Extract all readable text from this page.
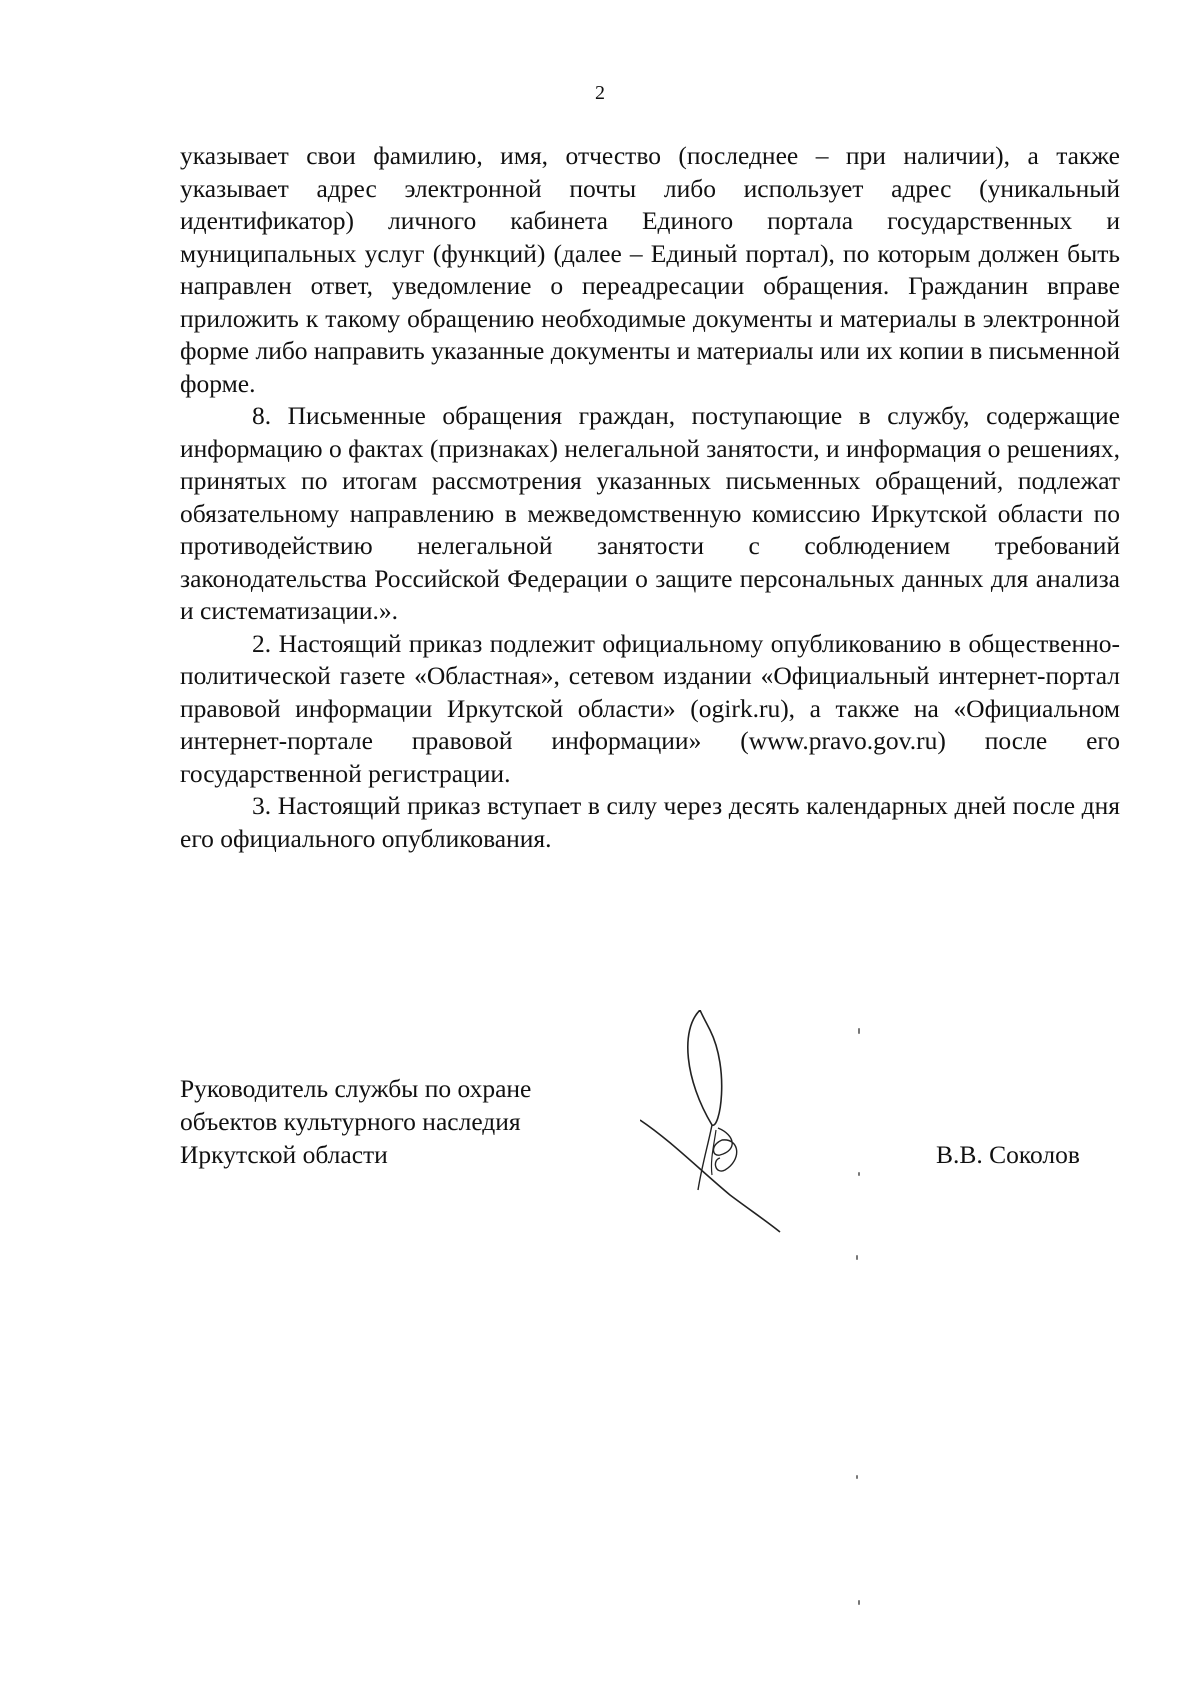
2

указывает свои фамилию, имя, отчество (последнее – при наличии), а также указывает адрес электронной почты либо использует адрес (уникальный идентификатор) личного кабинета Единого портала государственных и муниципальных услуг (функций) (далее – Единый портал), по которым должен быть направлен ответ, уведомление о переадресации обращения. Гражданин вправе приложить к такому обращению необходимые документы и материалы в электронной форме либо направить указанные документы и материалы или их копии в письменной форме.

8. Письменные обращения граждан, поступающие в службу, содержащие информацию о фактах (признаках) нелегальной занятости, и информация о решениях, принятых по итогам рассмотрения указанных письменных обращений, подлежат обязательному направлению в межведомственную комиссию Иркутской области по противодействию нелегальной занятости с соблюдением требований законодательства Российской Федерации о защите персональных данных для анализа и систематизации.».

2. Настоящий приказ подлежит официальному опубликованию в общественно-политической газете «Областная», сетевом издании «Официальный интернет-портал правовой информации Иркутской области» (ogirk.ru), а также на «Официальном интернет-портале правовой информации» (www.pravo.gov.ru) после его государственной регистрации.

3. Настоящий приказ вступает в силу через десять календарных дней после дня его официального опубликования.

Руководитель службы по охране
объектов культурного наследия
Иркутской области	В.В. Соколов
